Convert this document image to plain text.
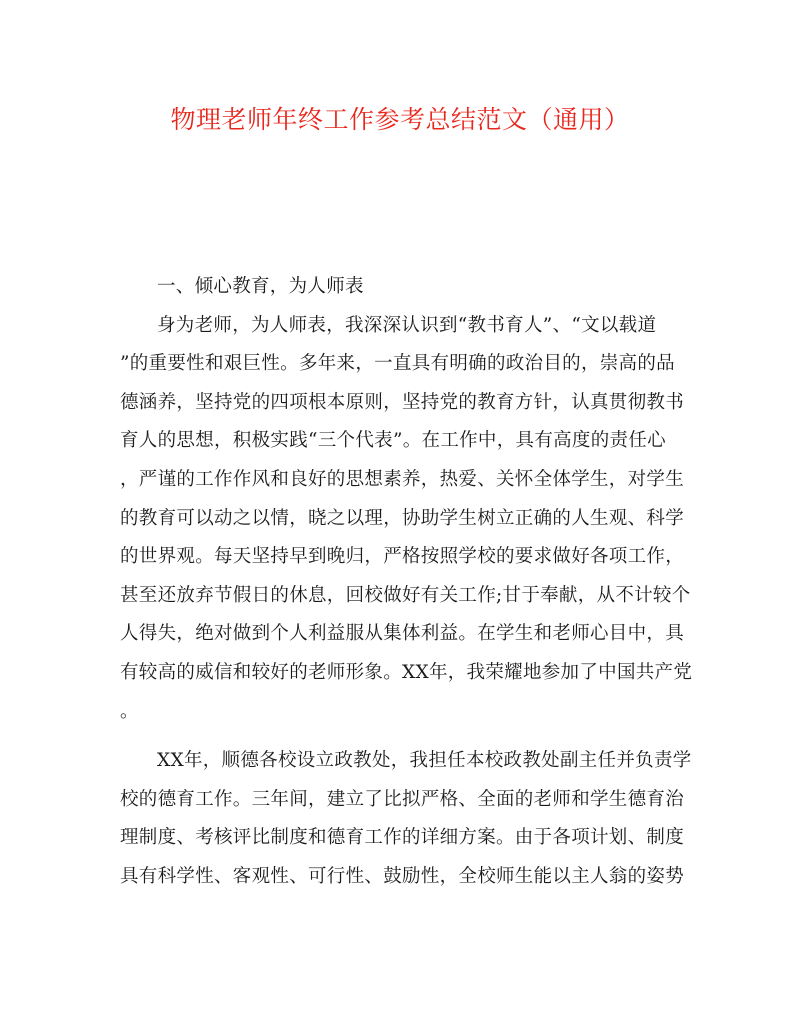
物理老师年终工作参考总结范文（通用）
一、倾心教育，为人师表
身为老师，为人师表，我深深认识到“教书育人”、“文以载道
”的重要性和艰巨性。多年来，一直具有明确的政治目的，崇高的品
德涵养，坚持党的四项根本原则，坚持党的教育方针，认真贯彻教书
育人的思想，积极实践“三个代表”。在工作中，具有高度的责任心
，严谨的工作作风和良好的思想素养，热爱、关怀全体学生，对学生
的教育可以动之以情，晓之以理，协助学生树立正确的人生观、科学
的世界观。每天坚持早到晚归，严格按照学校的要求做好各项工作，
甚至还放弃节假日的休息，回校做好有关工作;甘于奉献，从不计较个
人得失，绝对做到个人利益服从集体利益。在学生和老师心目中，具
有较高的威信和较好的老师形象。XX年，我荣耀地参加了中国共产党
。
XX年，顺德各校设立政教处，我担任本校政教处副主任并负责学
校的德育工作。三年间，建立了比拟严格、全面的老师和学生德育治
理制度、考核评比制度和德育工作的详细方案。由于各项计划、制度
具有科学性、客观性、可行性、鼓励性，全校师生能以主人翁的姿势
